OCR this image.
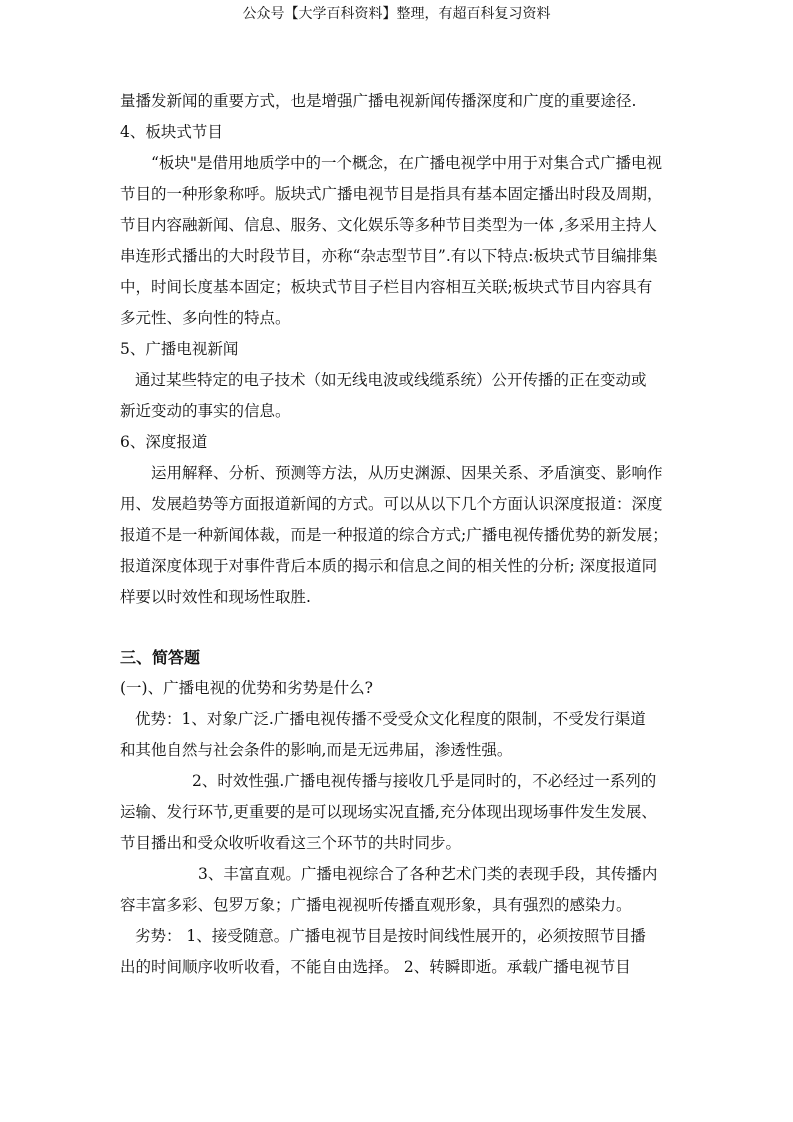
公众号【大学百科资料】整理，有超百科复习资料
量播发新闻的重要方式，也是增强广播电视新闻传播深度和广度的重要途径.
4、板块式节目
“板块"是借用地质学中的一个概念，在广播电视学中用于对集合式广播电视
节目的一种形象称呼。版块式广播电视节目是指具有基本固定播出时段及周期，
节目内容融新闻、信息、服务、文化娱乐等多种节目类型为一体 ,多采用主持人
串连形式播出的大时段节目，亦称“杂志型节目”.有以下特点:板块式节目编排集
中，时间长度基本固定；板块式节目子栏目内容相互关联;板块式节目内容具有
多元性、多向性的特点。
5、广播电视新闻
通过某些特定的电子技术（如无线电波或线缆系统）公开传播的正在变动或
新近变动的事实的信息。
6、深度报道
运用解释、分析、预测等方法，从历史渊源、因果关系、矛盾演变、影响作
用、发展趋势等方面报道新闻的方式。可以从以下几个方面认识深度报道：深度
报道不是一种新闻体裁，而是一种报道的综合方式;广播电视传播优势的新发展；
报道深度体现于对事件背后本质的揭示和信息之间的相关性的分析; 深度报道同
样要以时效性和现场性取胜.
三、简答题
(一)、广播电视的优势和劣势是什么?
优势：1、对象广泛.广播电视传播不受受众文化程度的限制，不受发行渠道
和其他自然与社会条件的影响,而是无远弗届，渗透性强。
2、时效性强.广播电视传播与接收几乎是同时的，不必经过一系列的
运输、发行环节,更重要的是可以现场实况直播,充分体现出现场事件发生发展、
节目播出和受众收听收看这三个环节的共时同步。
3、丰富直观。广播电视综合了各种艺术门类的表现手段，其传播内
容丰富多彩、包罗万象；广播电视视听传播直观形象，具有强烈的感染力。
劣势： 1、接受随意。广播电视节目是按时间线性展开的，必须按照节目播
出的时间顺序收听收看，不能自由选择。 2、转瞬即逝。承载广播电视节目
